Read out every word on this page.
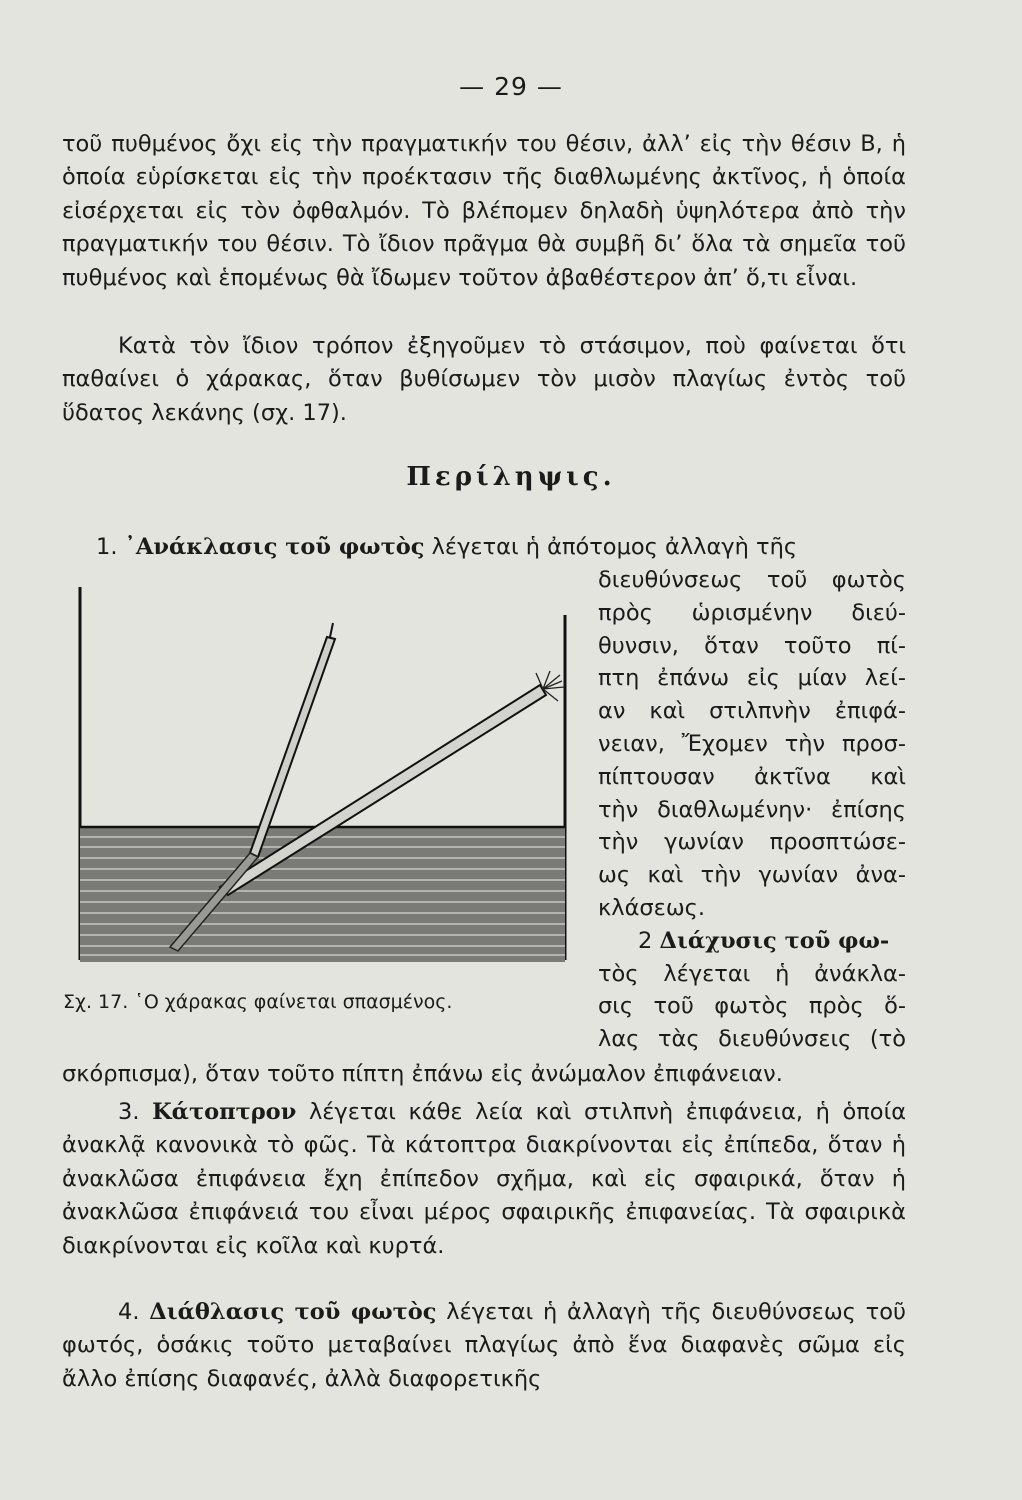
— 29 —
τοῦ πυθμένος ὄχι εἰς τὴν πραγματικήν του θέσιν, ἀλλ’ εἰς τὴν θέσιν Β, ἡ ὁποία εὑρίσκεται εἰς τὴν προέκτασιν τῆς διαθλωμένης ἀκτῖνος, ἡ ὁποία εἰσέρχεται εἰς τὸν ὀφθαλμόν. Τὸ βλέπομεν δηλαδὴ ὑψηλότερα ἀπὸ τὴν πραγματικήν του θέσιν. Τὸ ἴδιον πρᾶγμα θὰ συμβῆ δι’ ὅλα τὰ σημεῖα τοῦ πυθμένος καὶ ἑπομένως θὰ ἴδωμεν τοῦτον ἀβαθέστερον ἀπ’ ὅ,τι εἶναι.
Κατὰ τὸν ἴδιον τρόπον ἐξηγοῦμεν τὸ στάσιμον, ποὺ φαίνεται ὅτι παθαίνει ὁ χάρακας, ὅταν βυθίσωμεν τὸν μισὸν πλαγίως ἐντὸς τοῦ ὕδατος λεκάνης (σχ. 17).
Περίληψις.
1. ᾿Ανάκλασις τοῦ φωτὸς λέγεται ἡ ἀπότομος ἀλλαγὴ τῆς
Σχ. 17. ῾Ο χάρακας φαίνεται σπασμένος.
διευθύνσεως τοῦ φωτὸς
πρὸς ὡρισμένην διεύ-
θυνσιν, ὅταν τοῦτο πί-
πτη ἐπάνω εἰς μίαν λεί-
αν καὶ στιλπνὴν ἐπιφά-
νειαν, Ἔχομεν τὴν προσ-
πίπτουσαν ἀκτῖνα καὶ
τὴν διαθλωμένην· ἐπίσης
τὴν γωνίαν προσπτώσε-
ως καὶ τὴν γωνίαν ἀνα-
κλάσεως.
2 Διάχυσις τοῦ φω-
τὸς λέγεται ἡ ἀνάκλα-
σις τοῦ φωτὸς πρὸς ὅ-
λας τὰς διευθύνσεις (τὸ
σκόρπισμα), ὅταν τοῦτο πίπτη ἐπάνω εἰς ἀνώμαλον ἐπιφάνειαν.
3. Κάτοπτρον λέγεται κάθε λεία καὶ στιλπνὴ ἐπιφάνεια, ἡ ὁποία ἀνακλᾷ κανονικὰ τὸ φῶς. Τὰ κάτοπτρα διακρίνονται εἰς ἐπίπεδα, ὅταν ἡ ἀνακλῶσα ἐπιφάνεια ἔχη ἐπίπεδον σχῆμα, καὶ εἰς σφαιρικά, ὅταν ἡ ἀνακλῶσα ἐπιφάνειά του εἶναι μέρος σφαιρικῆς ἐπιφανείας. Τὰ σφαιρικὰ διακρίνονται εἰς κοῖλα καὶ κυρτά.
4. Διάθλασις τοῦ φωτὸς λέγεται ἡ ἀλλαγὴ τῆς διευθύνσεως τοῦ φωτός, ὁσάκις τοῦτο μεταβαίνει πλαγίως ἀπὸ ἕνα διαφανὲς σῶμα εἰς ἄλλο ἐπίσης διαφανές, ἀλλὰ διαφορετικῆς
